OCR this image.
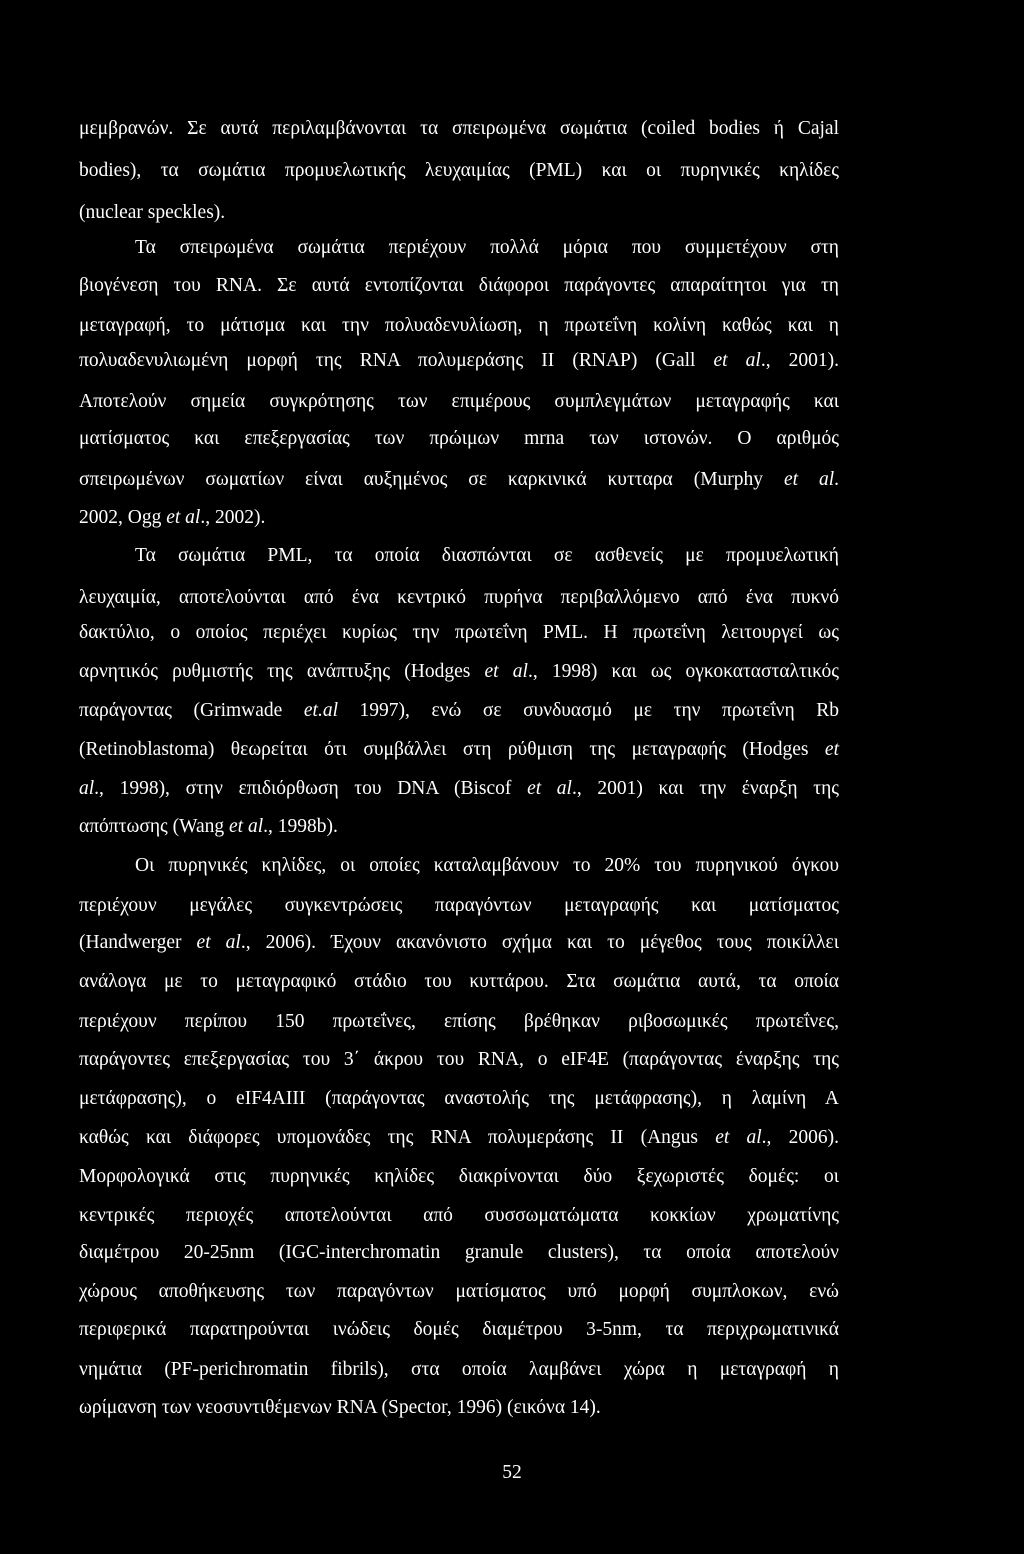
μεμβρανών. Σε αυτά περιλαμβάνονται τα σπειρωμένα σωμάτια (coiled bodies ή Cajal
bodies), τα σωμάτια προμυελωτικής λευχαιμίας (PML) και οι πυρηνικές κηλίδες
(nuclear speckles).
Τα σπειρωμένα σωμάτια περιέχουν πολλά μόρια που συμμετέχουν στη
βιογένεση του RNA. Σε αυτά εντοπίζονται διάφοροι παράγοντες απαραίτητοι για τη
μεταγραφή, το μάτισμα και την πολυαδενυλίωση, η πρωτεΐνη κολίνη καθώς και η
πολυαδενυλιωμένη μορφή της RNA πολυμεράσης II (RNAP) (Gall et al., 2001).
Αποτελούν σημεία συγκρότησης των επιμέρους συμπλεγμάτων μεταγραφής και
ματίσματος και επεξεργασίας των πρώιμων mrna των ιστονών. Ο αριθμός
σπειρωμένων σωματίων είναι αυξημένος σε καρκινικά κυτταρα (Murphy et al.
2002, Ogg et al., 2002).
Τα σωμάτια PML, τα οποία διασπώνται σε ασθενείς με προμυελωτική
λευχαιμία, αποτελούνται από ένα κεντρικό πυρήνα περιβαλλόμενο από ένα πυκνό
δακτύλιο, ο οποίος περιέχει κυρίως την πρωτεΐνη PML. Η πρωτεΐνη λειτουργεί ως
αρνητικός ρυθμιστής της ανάπτυξης (Hodges et al., 1998) και ως ογκοκατασταλτικός
παράγοντας (Grimwade et.al 1997), ενώ σε συνδυασμό με την πρωτεΐνη Rb
(Retinoblastoma) θεωρείται ότι συμβάλλει στη ρύθμιση της μεταγραφής (Hodges et
al., 1998), στην επιδιόρθωση του DNA (Biscof et al., 2001) και την έναρξη της
απόπτωσης (Wang et al., 1998b).
Οι πυρηνικές κηλίδες, οι οποίες καταλαμβάνουν το 20% του πυρηνικού όγκου
περιέχουν μεγάλες συγκεντρώσεις παραγόντων μεταγραφής και ματίσματος
(Handwerger et al., 2006). Έχουν ακανόνιστο σχήμα και το μέγεθος τους ποικίλλει
ανάλογα με το μεταγραφικό στάδιο του κυττάρου. Στα σωμάτια αυτά, τα οποία
περιέχουν περίπου 150 πρωτεΐνες, επίσης βρέθηκαν ριβοσωμικές πρωτεΐνες,
παράγοντες επεξεργασίας του 3΄ άκρου του RNA, ο eIF4E (παράγοντας έναρξης της
μετάφρασης), ο eIF4AIII (παράγοντας αναστολής της μετάφρασης), η λαμίνη Α
καθώς και διάφορες υπομονάδες της RNA πολυμεράσης II (Angus et al., 2006).
Μορφολογικά στις πυρηνικές κηλίδες διακρίνονται δύο ξεχωριστές δομές: οι
κεντρικές περιοχές αποτελούνται από συσσωματώματα κοκκίων χρωματίνης
διαμέτρου 20-25nm (IGC-interchromatin granule clusters), τα οποία αποτελούν
χώρους αποθήκευσης των παραγόντων ματίσματος υπό μορφή συμπλοκων, ενώ
περιφερικά παρατηρούνται ινώδεις δομές διαμέτρου 3-5nm, τα περιχρωματινικά
νημάτια (PF-perichromatin fibrils), στα οποία λαμβάνει χώρα η μεταγραφή η
ωρίμανση των νεοσυντιθέμενων RNA (Spector, 1996) (εικόνα 14).
52
